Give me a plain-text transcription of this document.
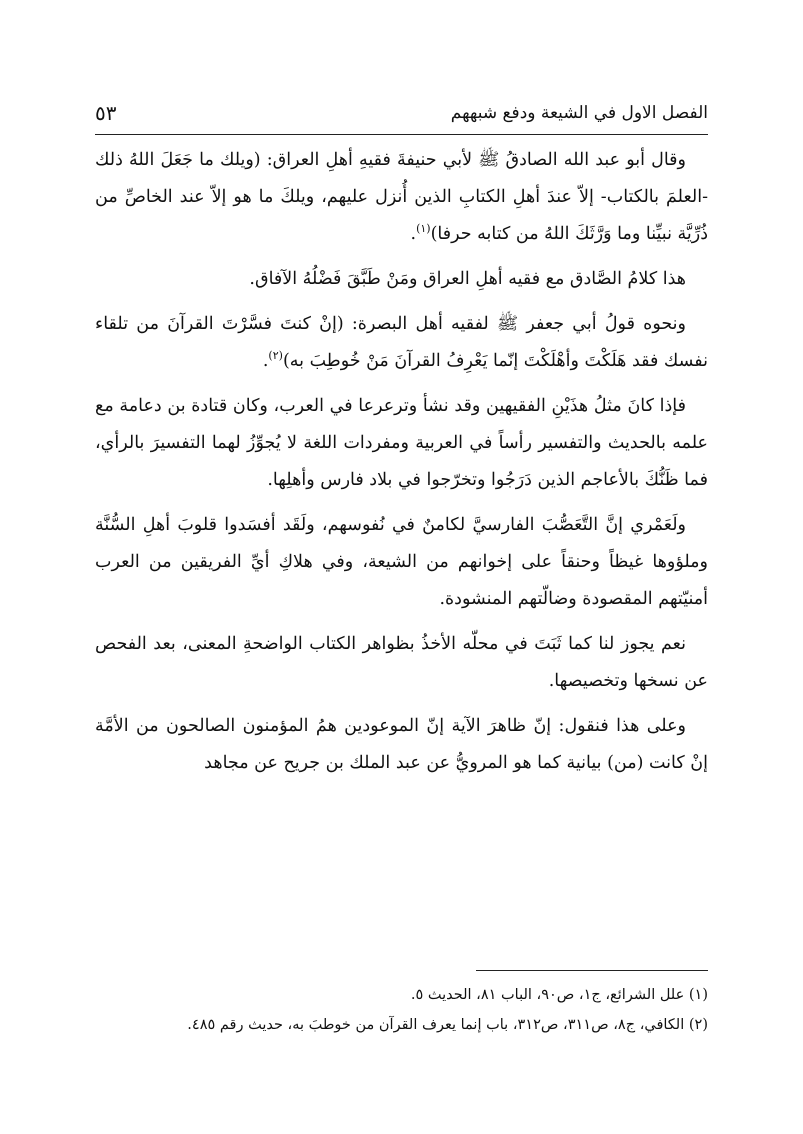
الفصل الاول في الشيعة ودفع شبههم
٥٣

وقال أبو عبد الله الصادقُ ﷺ لأبي حنيفةَ فقيهِ أهلِ العراق: (ويلك ما جَعَلَ اللهُ ذلك -العلمَ بالكتاب- إلاّ عندَ أهلِ الكتابِ الذين أُنزل عليهم، ويلكَ ما هو إلاّ عند الخاصِّ من ذُرِّيَّة نبيِّنا وما وَرَّثَكَ اللهُ من كتابه حرفا)$^{(١)}$.

هذا كلامُ الصَّادق مع فقيه أهلِ العراق ومَنْ طَبَّقَ فَضْلُهُ الآفاق.

ونحوه قولُ أبي جعفر ﷺ لفقيه أهل البصرة: (إنْ كنتَ فسَّرْتَ القرآنَ من تلقاء نفسك فقد هَلَكْتَ وأهْلَكْتَ إنّما يَعْرِفُ القرآنَ مَنْ خُوطِبَ به)$^{(٢)}$.

فإذا كانَ مثلُ هذَيْنِ الفقيهين وقد نشأ وترعرعا في العرب، وكان قتادة بن دعامة مع علمه بالحديث والتفسير رأساً في العربية ومفردات اللغة لا يُجوِّزُ لهما التفسيرَ بالرأي، فما ظَنُّكَ بالأعاجم الذين دَرَجُوا وتخرّجوا في بلاد فارس وأهلِها.

ولَعَمْري إنَّ التَّعَصُّبَ الفارسيَّ لكامنٌ في نُفوسهم، ولَقَد أفسَدوا قلوبَ أهلِ السُّنَّة وملؤوها غيظاً وحنقاً على إخوانهم من الشيعة، وفي هلاكِ أيِّ الفريقين من العرب أمنيّتهم المقصودة وضالّتهم المنشودة.

نعم يجوز لنا كما ثَبَتَ في محلّه الأخذُ بظواهر الكتاب الواضحةِ المعنى، بعد الفحص عن نسخها وتخصيصها.

وعلى هذا فنقول: إنّ ظاهرَ الآية إنّ الموعودين همُ المؤمنون الصالحون من الأمَّة إنْ كانت (من) بيانية كما هو المرويُّ عن عبد الملك بن جريح عن مجاهد

(١) علل الشرائع، ج١، ص٩٠، الباب ٨١، الحديث ٥.

(٢) الكافي، ج٨، ص٣١١، ص٣١٢، باب إنما يعرف القرآن من خوطبَ به، حديث رقم ٤٨٥.
